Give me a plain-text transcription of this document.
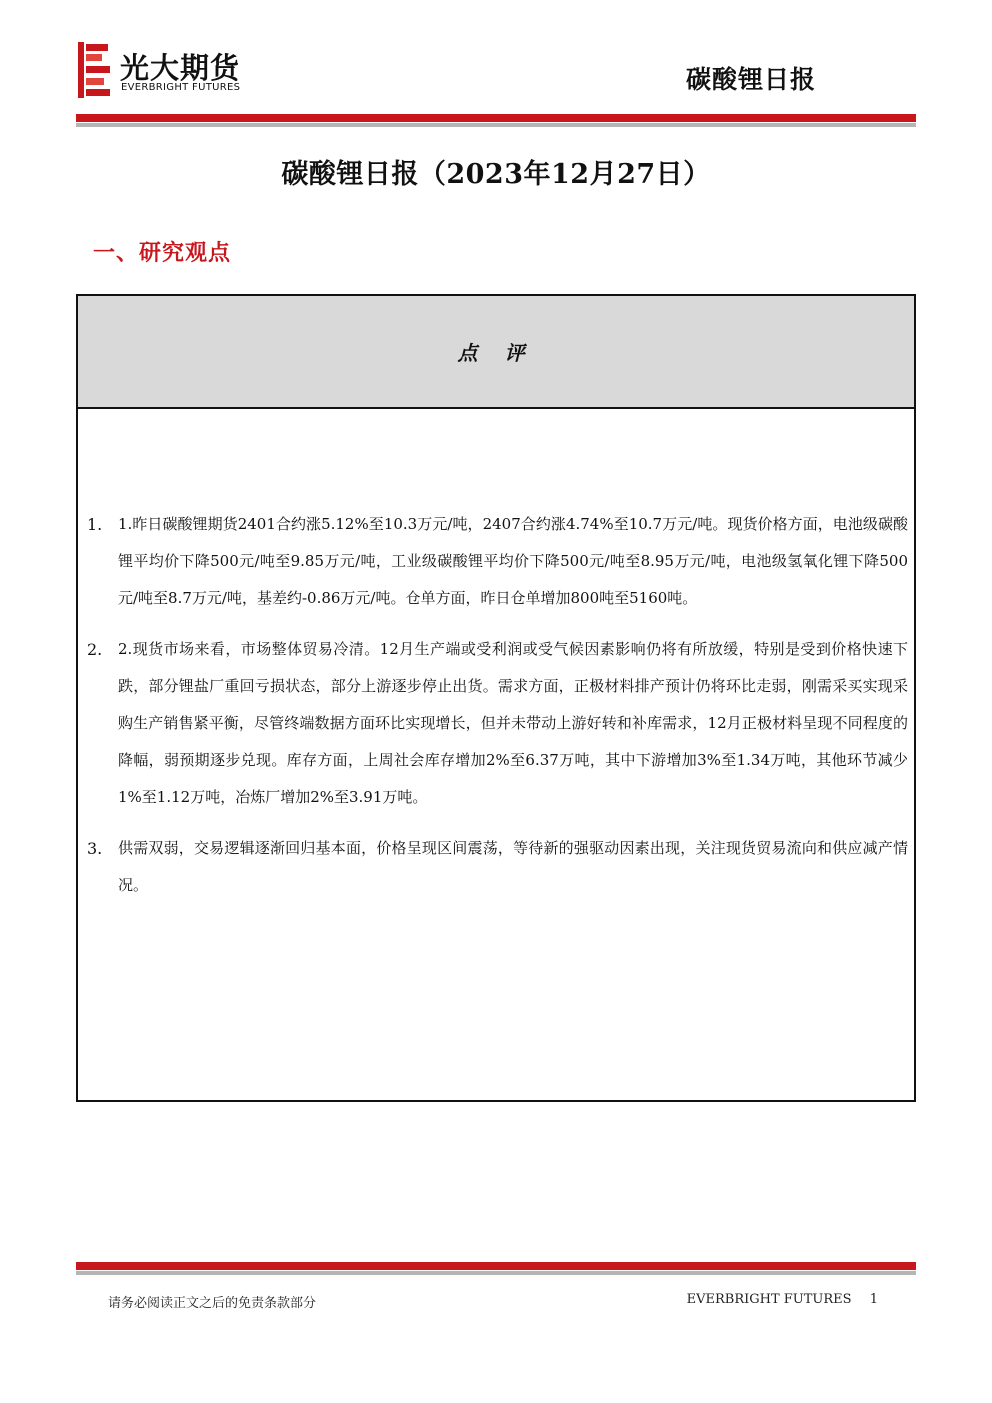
光大期货
EVERBRIGHT FUTURES	碳酸锂日报
碳酸锂日报（2023年12月27日）
一、研究观点
点 评
1. 1.昨日碳酸锂期货2401合约涨5.12%至10.3万元/吨，2407合约涨4.74%至10.7万元/吨。现货价格方面，电池级碳酸锂平均价下降500元/吨至9.85万元/吨，工业级碳酸锂平均价下降500元/吨至8.95万元/吨，电池级氢氧化锂下降500元/吨至8.7万元/吨，基差约-0.86万元/吨。仓单方面，昨日仓单增加800吨至5160吨。
2. 2.现货市场来看，市场整体贸易冷清。12月生产端或受利润或受气候因素影响仍将有所放缓，特别是受到价格快速下跌，部分锂盐厂重回亏损状态，部分上游逐步停止出货。需求方面，正极材料排产预计仍将环比走弱，刚需采买实现采购生产销售紧平衡，尽管终端数据方面环比实现增长，但并未带动上游好转和补库需求，12月正极材料呈现不同程度的降幅，弱预期逐步兑现。库存方面，上周社会库存增加2%至6.37万吨，其中下游增加3%至1.34万吨，其他环节减少1%至1.12万吨，冶炼厂增加2%至3.91万吨。
3. 供需双弱，交易逻辑逐渐回归基本面，价格呈现区间震荡，等待新的强驱动因素出现，关注现货贸易流向和供应减产情况。
请务必阅读正文之后的免责条款部分	EVERBRIGHT FUTURES 1
